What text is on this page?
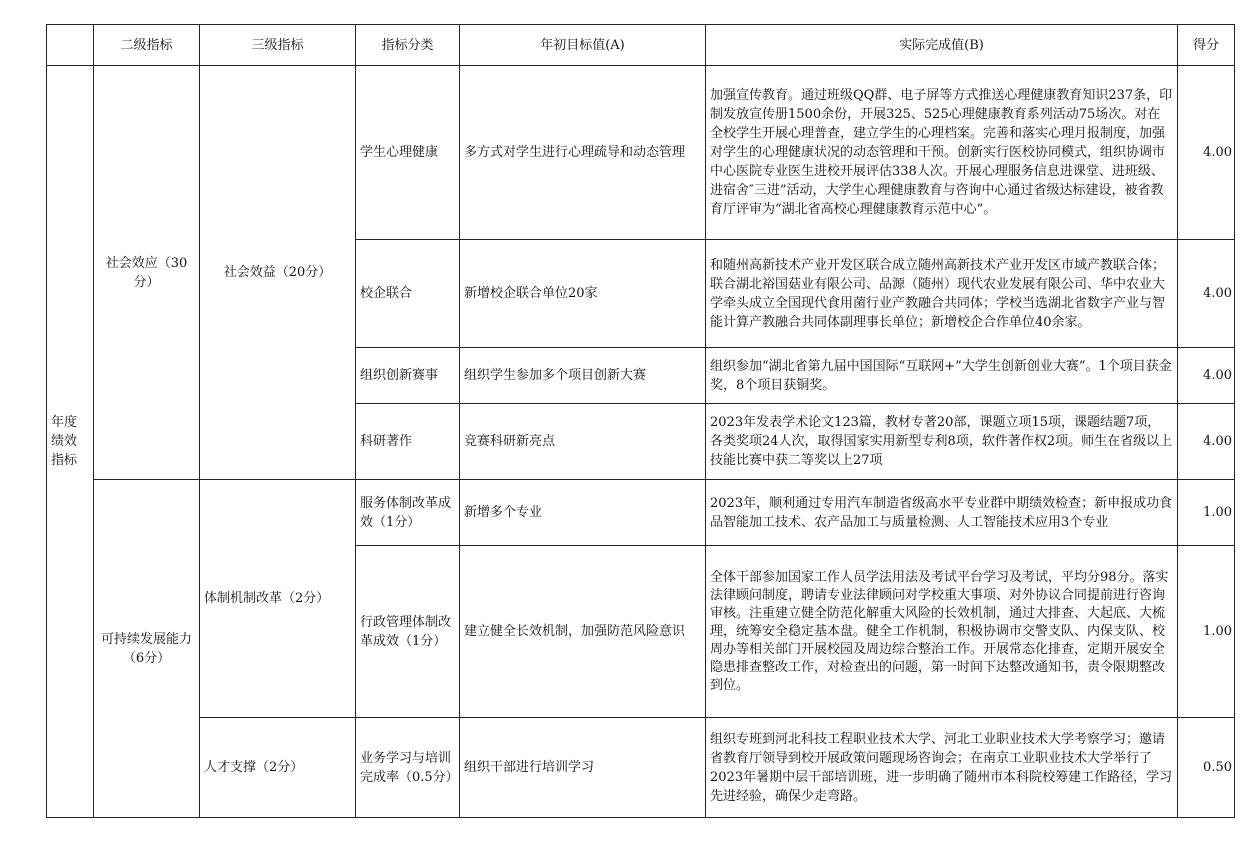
	二级指标	三级指标	指标分类	年初目标值(A)	实际完成值(B)	得分
年度绩效指标	社会效应（30分）	社会效益（20分）	学生心理健康	多方式对学生进行心理疏导和动态管理	加强宣传教育。通过班级QQ群、电子屏等方式推送心理健康教育知识237条，印制发放宣传册1500余份，开展325、525心理健康教育系列活动75场次。对在全校学生开展心理普查，建立学生的心理档案。完善和落实心理月报制度，加强对学生的心理健康状况的动态管理和干预。创新实行医校协同模式，组织协调市中心医院专业医生进校开展评估338人次。开展心理服务信息进课堂、进班级、进宿舍″三进”活动，大学生心理健康教育与咨询中心通过省级达标建设，被省教育厅评审为“湖北省高校心理健康教育示范中心”。	4.00
			校企联合	新增校企联合单位20家	和随州高新技术产业开发区联合成立随州高新技术产业开发区市域产教联合体；联合湖北裕国菇业有限公司、品源（随州）现代农业发展有限公司、华中农业大学牵头成立全国现代食用菌行业产教融合共同体；学校当选湖北省数字产业与智能计算产教融合共同体副理事长单位；新增校企合作单位40余家。	4.00
			组织创新赛事	组织学生参加多个项目创新大赛	组织参加“湖北省第九届中国国际“互联网+”大学生创新创业大赛”。1个项目获金奖，8个项目获铜奖。	4.00
			科研著作	竞赛科研新亮点	2023年发表学术论文123篇，教材专著20部，课题立项15项，课题结题7项，各类奖项24人次，取得国家实用新型专利8项，软件著作权2项。师生在省级以上技能比赛中获二等奖以上27项	4.00
	可持续发展能力（6分）	体制机制改革（2分）	服务体制改革成效（1分）	新增多个专业	2023年，顺利通过专用汽车制造省级高水平专业群中期绩效检查；新申报成功食品智能加工技术、农产品加工与质量检测、人工智能技术应用3个专业	1.00
			行政管理体制改革成效（1分）	建立健全长效机制，加强防范风险意识	全体干部参加国家工作人员学法用法及考试平台学习及考试，平均分98分。落实法律顾问制度，聘请专业法律顾问对学校重大事项、对外协议合同提前进行咨询审核。注重建立健全防范化解重大风险的长效机制，通过大排查、大起底、大梳理，统筹安全稳定基本盘。健全工作机制，积极协调市交警支队、内保支队、校周办等相关部门开展校园及周边综合整治工作。开展常态化排查，定期开展安全隐患排查整改工作，对检查出的问题，第一时间下达整改通知书，责令限期整改到位。	1.00
		人才支撑（2分）	业务学习与培训完成率（0.5分）	组织干部进行培训学习	组织专班到河北科技工程职业技术大学、河北工业职业技术大学考察学习；邀请省教育厅领导到校开展政策问题现场咨询会；在南京工业职业技术大学举行了2023年暑期中层干部培训班，进一步明确了随州市本科院校筹建工作路径，学习先进经验，确保少走弯路。	0.50
